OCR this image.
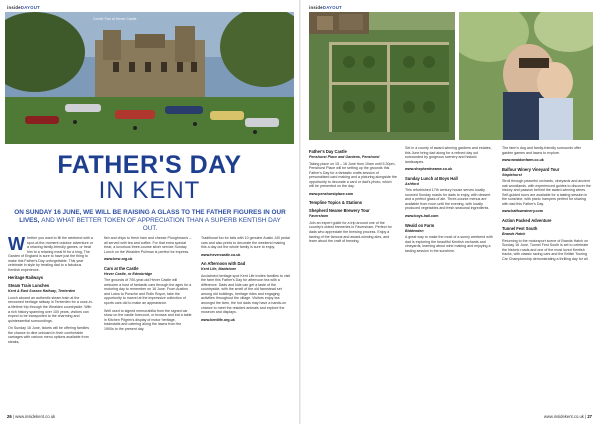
insideDAYOUT
Credit: Fan at Hever Castle
FATHER'S DAY
IN KENT
ON SUNDAY 16 JUNE, WE WILL BE RAISING A GLASS TO THE FATHER FIGURES IN OUR LIVES, AND WHAT BETTER TOKEN OF APPRECIATION THAN A SUPERB KENTISH DAY OUT.

Whether you want to fill the weekend with a spur-of-the-moment outdoor adventure or a relaxing family-friendly games, or treat him to a relaxing meal fit for a king, The Garden of England is sure to have just the thing to make this Father's Day unforgettable. This year celebrate in style by treating dad to a fabulous Kentish experience.

Heritage Railways
Steam Train Lunches
Kent & East Sussex Railway, Tenterden

Lunch aboard an authentic steam train at the renowned heritage railway in Tenterden for a once-in-a-lifetime trip through the Wealden countryside. With a rich history spanning over 100 years, visitors can expect to be transported to the charming and quintessential surroundings.

On Sunday 16 June, tickets will be offering families the chance to dine onboard in their comfortable carriages with various menu options available from steaks,

fish and chips to fresh ham and cheese Ploughman's – all served with tea and coffee. For that extra special treat, a luxurious three-course silver service Sunday Lunch on the Wealden Pullman is perfect for impress.

www.kesr.org.uk
Cars at the Castle
Hever Castle, nr Edenbridge

The grounds of 700-year-old Hever Castle will welcome a host of fantastic cars through the ages for a motoring day to remember on 16 June. From Austins and Lotus to Porsche and Rolls Royce, take the opportunity to marvel at the impressive collection of sports cars old to make an appearance.

Well used to signed memorabilia from the signed car show on the castle forecourt, or browse and eat a table in Kitchen Pilgrim's display of motor heritage, tradestalls and catering along the lawns from the 1900s to the present day.

Traditional fun for kids with 10 genuine Austin J40 pedal cars and also prints to decorate the weekend making this a day out the whole family is sure to enjoy.

www.hevercastle.co.uk
An Afternoon with Dad
Kent Life, Maidstone

Acclaimed heritage spot Kent Life invites families to visit the farm this Father's Day for afternoon tea with a difference. Dads and kids can get a taste of the countryside, with the smell of the old farmstead set among old buildings, heritage rides and engaging activities throughout the village. Visitors enjoy tea amongst the farm, the hot dads may have a hands-on chance to meet the resident animals and explore the museum and displays.

www.kentlife.org.uk
26 | www.insidekent.co.uk
insideDAYOUT
Father's Day Castle
Penshurst Place and Gardens, Penshurst

Taking place on 15 – 16 June from 10am until 5.30pm, Penshurst Place will be setting up the grounds this Father's Day for a fantastic crafts session of personalised card making and a picturing alongside the opportunity to decorate a card or dad's photo, which will be presented on the day.

www.penshurstplace.com
Templine Topics & Stations
Shepherd Neame Brewery Tour
Faversham

Join an expert guide for a trip around one of the country's oldest breweries in Faversham. Perfect for dads who appreciate the brewing process. Enjoy a tasting of the famous and award-winning ales, and learn about the craft of brewing.

Set in a county of award-winning gardens and estates, this June bring dad along for a refined day out surrounded by gorgeous scenery and historic landscapes.

www.shepherdneame.co.uk
Sunday Lunch at Boys Hall
Ashford

This refurbished 17th century house serves locally sourced Sunday roasts for dads to enjoy, with dessert and a perfect glass of ale. Three-course menus are available from noon until the evening, with locally produced vegetables and fresh seasonal ingredients.

www.boys-hall.com
Weald on Farm
Biddenden

A great way to make the most of a sunny weekend with dad is exploring the beautiful Kentish orchards and vineyards, learning about wine making and enjoying a tasting session in the sunshine.

The farm's dog and family-friendly surrounds offer garden games and lawns to explore.

www.wealdonfarm.co.uk
Balfour Winery Vineyard Tour
Staplehurst

Stroll through peaceful orchards, vineyards and ancient oak woodlands, with experienced guides to discover the history and passion behind the award-winning wines. Self-guided tours are available for a tasting session in the sunshine, with picnic hampers perfect for sharing with dad this Father's Day.

www.balfourwinery.com
Action Packed Adventure
Tunnel Fest South
Brands Hatch

Returning to the motorsport scene of Brands Hatch on Sunday 16 June, Tunnel Fest South is set to celebrate the historic roads and one of the most loved Kentish tracks, with classic racing cars and the British Touring Car Championship demonstrating a thrilling day for all.

www.insidekent.co.uk | 27
